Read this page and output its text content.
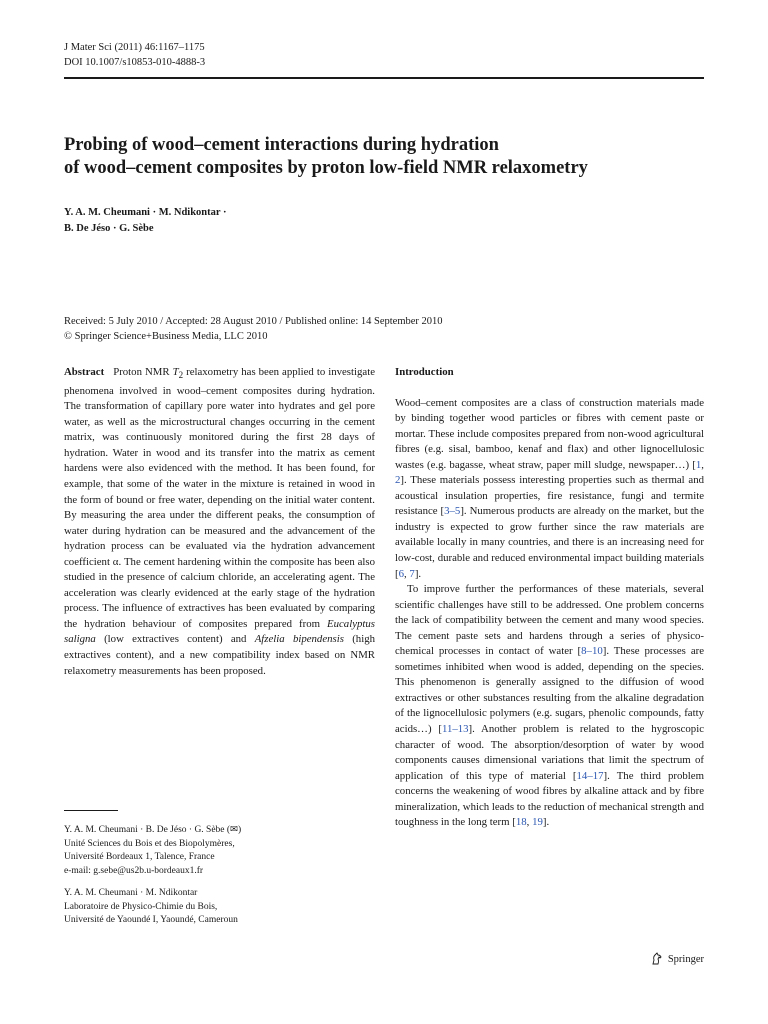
J Mater Sci (2011) 46:1167–1175
DOI 10.1007/s10853-010-4888-3
Probing of wood–cement interactions during hydration
of wood–cement composites by proton low-field NMR relaxometry
Y. A. M. Cheumani · M. Ndikontar ·
B. De Jéso · G. Sèbe
Received: 5 July 2010 / Accepted: 28 August 2010 / Published online: 14 September 2010
© Springer Science+Business Media, LLC 2010

Abstract Proton NMR $T_2$ relaxometry has been applied to investigate phenomena involved in wood–cement composites during hydration. The transformation of capillary pore water into hydrates and gel pore water, as well as the microstructural changes occurring in the cement matrix, was continuously monitored during the first 28 days of hydration. Water in wood and its transfer into the matrix as cement hardens were also evidenced with the method. It has been found, for example, that some of the water in the mixture is retained in wood in the form of bound or free water, depending on the initial water content. By measuring the area under the different peaks, the consumption of water during hydration can be measured and the advancement of the hydration process can be evaluated via the hydration advancement coefficient α. The cement hardening within the composite has been also studied in the presence of calcium chloride, an accelerating agent. The acceleration was clearly evidenced at the early stage of the hydration process. The influence of extractives has been evaluated by comparing the hydration behaviour of composites prepared from Eucalyptus saligna (low extractives content) and Afzelia bipendensis (high extractives content), and a new compatibility index based on NMR relaxometry measurements has been proposed.

Y. A. M. Cheumani · B. De Jéso · G. Sèbe (✉)
Unité Sciences du Bois et des Biopolymères,
Université Bordeaux 1, Talence, France
e-mail: g.sebe@us2b.u-bordeaux1.fr
Y. A. M. Cheumani · M. Ndikontar
Laboratoire de Physico-Chimie du Bois,
Université de Yaoundé I, Yaoundé, Cameroun

Introduction

Wood–cement composites are a class of construction materials made by binding together wood particles or fibres with cement paste or mortar. These include composites prepared from non-wood agricultural fibres (e.g. sisal, bamboo, kenaf and flax) and other lignocellulosic wastes (e.g. bagasse, wheat straw, paper mill sludge, newspaper…) [1, 2]. These materials possess interesting properties such as thermal and acoustical insulation properties, fire resistance, fungi and termite resistance [3–5]. Numerous products are already on the market, but the industry is expected to grow further since the raw materials are available locally in many countries, and there is an increasing need for low-cost, durable and reduced environmental impact building materials [6, 7].

To improve further the performances of these materials, several scientific challenges have still to be addressed. One problem concerns the lack of compatibility between the cement and many wood species. The cement paste sets and hardens through a series of physico-chemical processes in contact of water [8–10]. These processes are sometimes inhibited when wood is added, depending on the species. This phenomenon is generally assigned to the diffusion of wood extractives or other substances resulting from the alkaline degradation of the lignocellulosic polymers (e.g. sugars, phenolic compounds, fatty acids…) [11–13]. Another problem is related to the hygroscopic character of wood. The absorption/desorption of water by wood components causes dimensional variations that limit the spectrum of application of this type of material [14–17]. The third problem concerns the weakening of wood fibres by alkaline attack and by fibre mineralization, which leads to the reduction of mechanical strength and toughness in the long term [18, 19].

Springer
